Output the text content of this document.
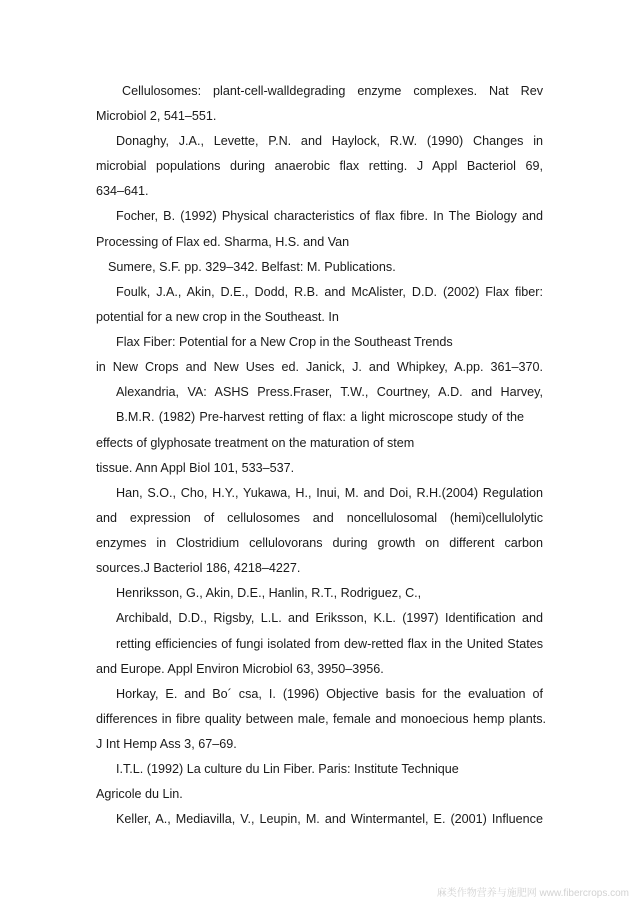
Cellulosomes: plant-cell-walldegrading enzyme complexes. Nat Rev
Microbiol 2, 541–551.
Donaghy, J.A., Levette, P.N. and Haylock, R.W. (1990) Changes in
microbial populations during anaerobic flax retting. J Appl Bacteriol 69,
634–641.
Focher, B. (1992) Physical characteristics of flax fibre. In The Biology and
Processing of Flax ed. Sharma, H.S. and Van
Sumere, S.F. pp. 329–342. Belfast: M. Publications.
Foulk, J.A., Akin, D.E., Dodd, R.B. and McAlister, D.D. (2002) Flax fiber:
potential for a new crop in the Southeast. In
Flax Fiber: Potential for a New Crop in the Southeast Trends
in New Crops and New Uses ed. Janick, J. and Whipkey, A.pp. 361–370.
Alexandria, VA: ASHS Press.Fraser, T.W., Courtney, A.D. and Harvey,
B.M.R. (1982) Pre-harvest retting of flax: a light microscope study of the
effects of glyphosate treatment on the maturation of stem
tissue. Ann Appl Biol 101, 533–537.
Han, S.O., Cho, H.Y., Yukawa, H., Inui, M. and Doi, R.H.(2004) Regulation
and expression of cellulosomes and noncellulosomal (hemi)cellulolytic
enzymes in Clostridium cellulovorans during growth on different carbon
sources.J Bacteriol 186, 4218–4227.
Henriksson, G., Akin, D.E., Hanlin, R.T., Rodriguez, C.,
Archibald, D.D., Rigsby, L.L. and Eriksson, K.L. (1997) Identification and
retting efficiencies of fungi isolated from dew-retted flax in the United States
and Europe. Appl Environ Microbiol 63, 3950–3956.
Horkay, E. and Bo´ csa, I. (1996) Objective basis for the evaluation of
differences in fibre quality between male, female and monoecious hemp plants.
J Int Hemp Ass 3, 67–69.
I.T.L. (1992) La culture du Lin Fiber. Paris: Institute Technique
Agricole du Lin.
Keller, A., Mediavilla, V., Leupin, M. and Wintermantel, E. (2001) Influence
麻类作物营养与施肥网 www.fibercrops.com
